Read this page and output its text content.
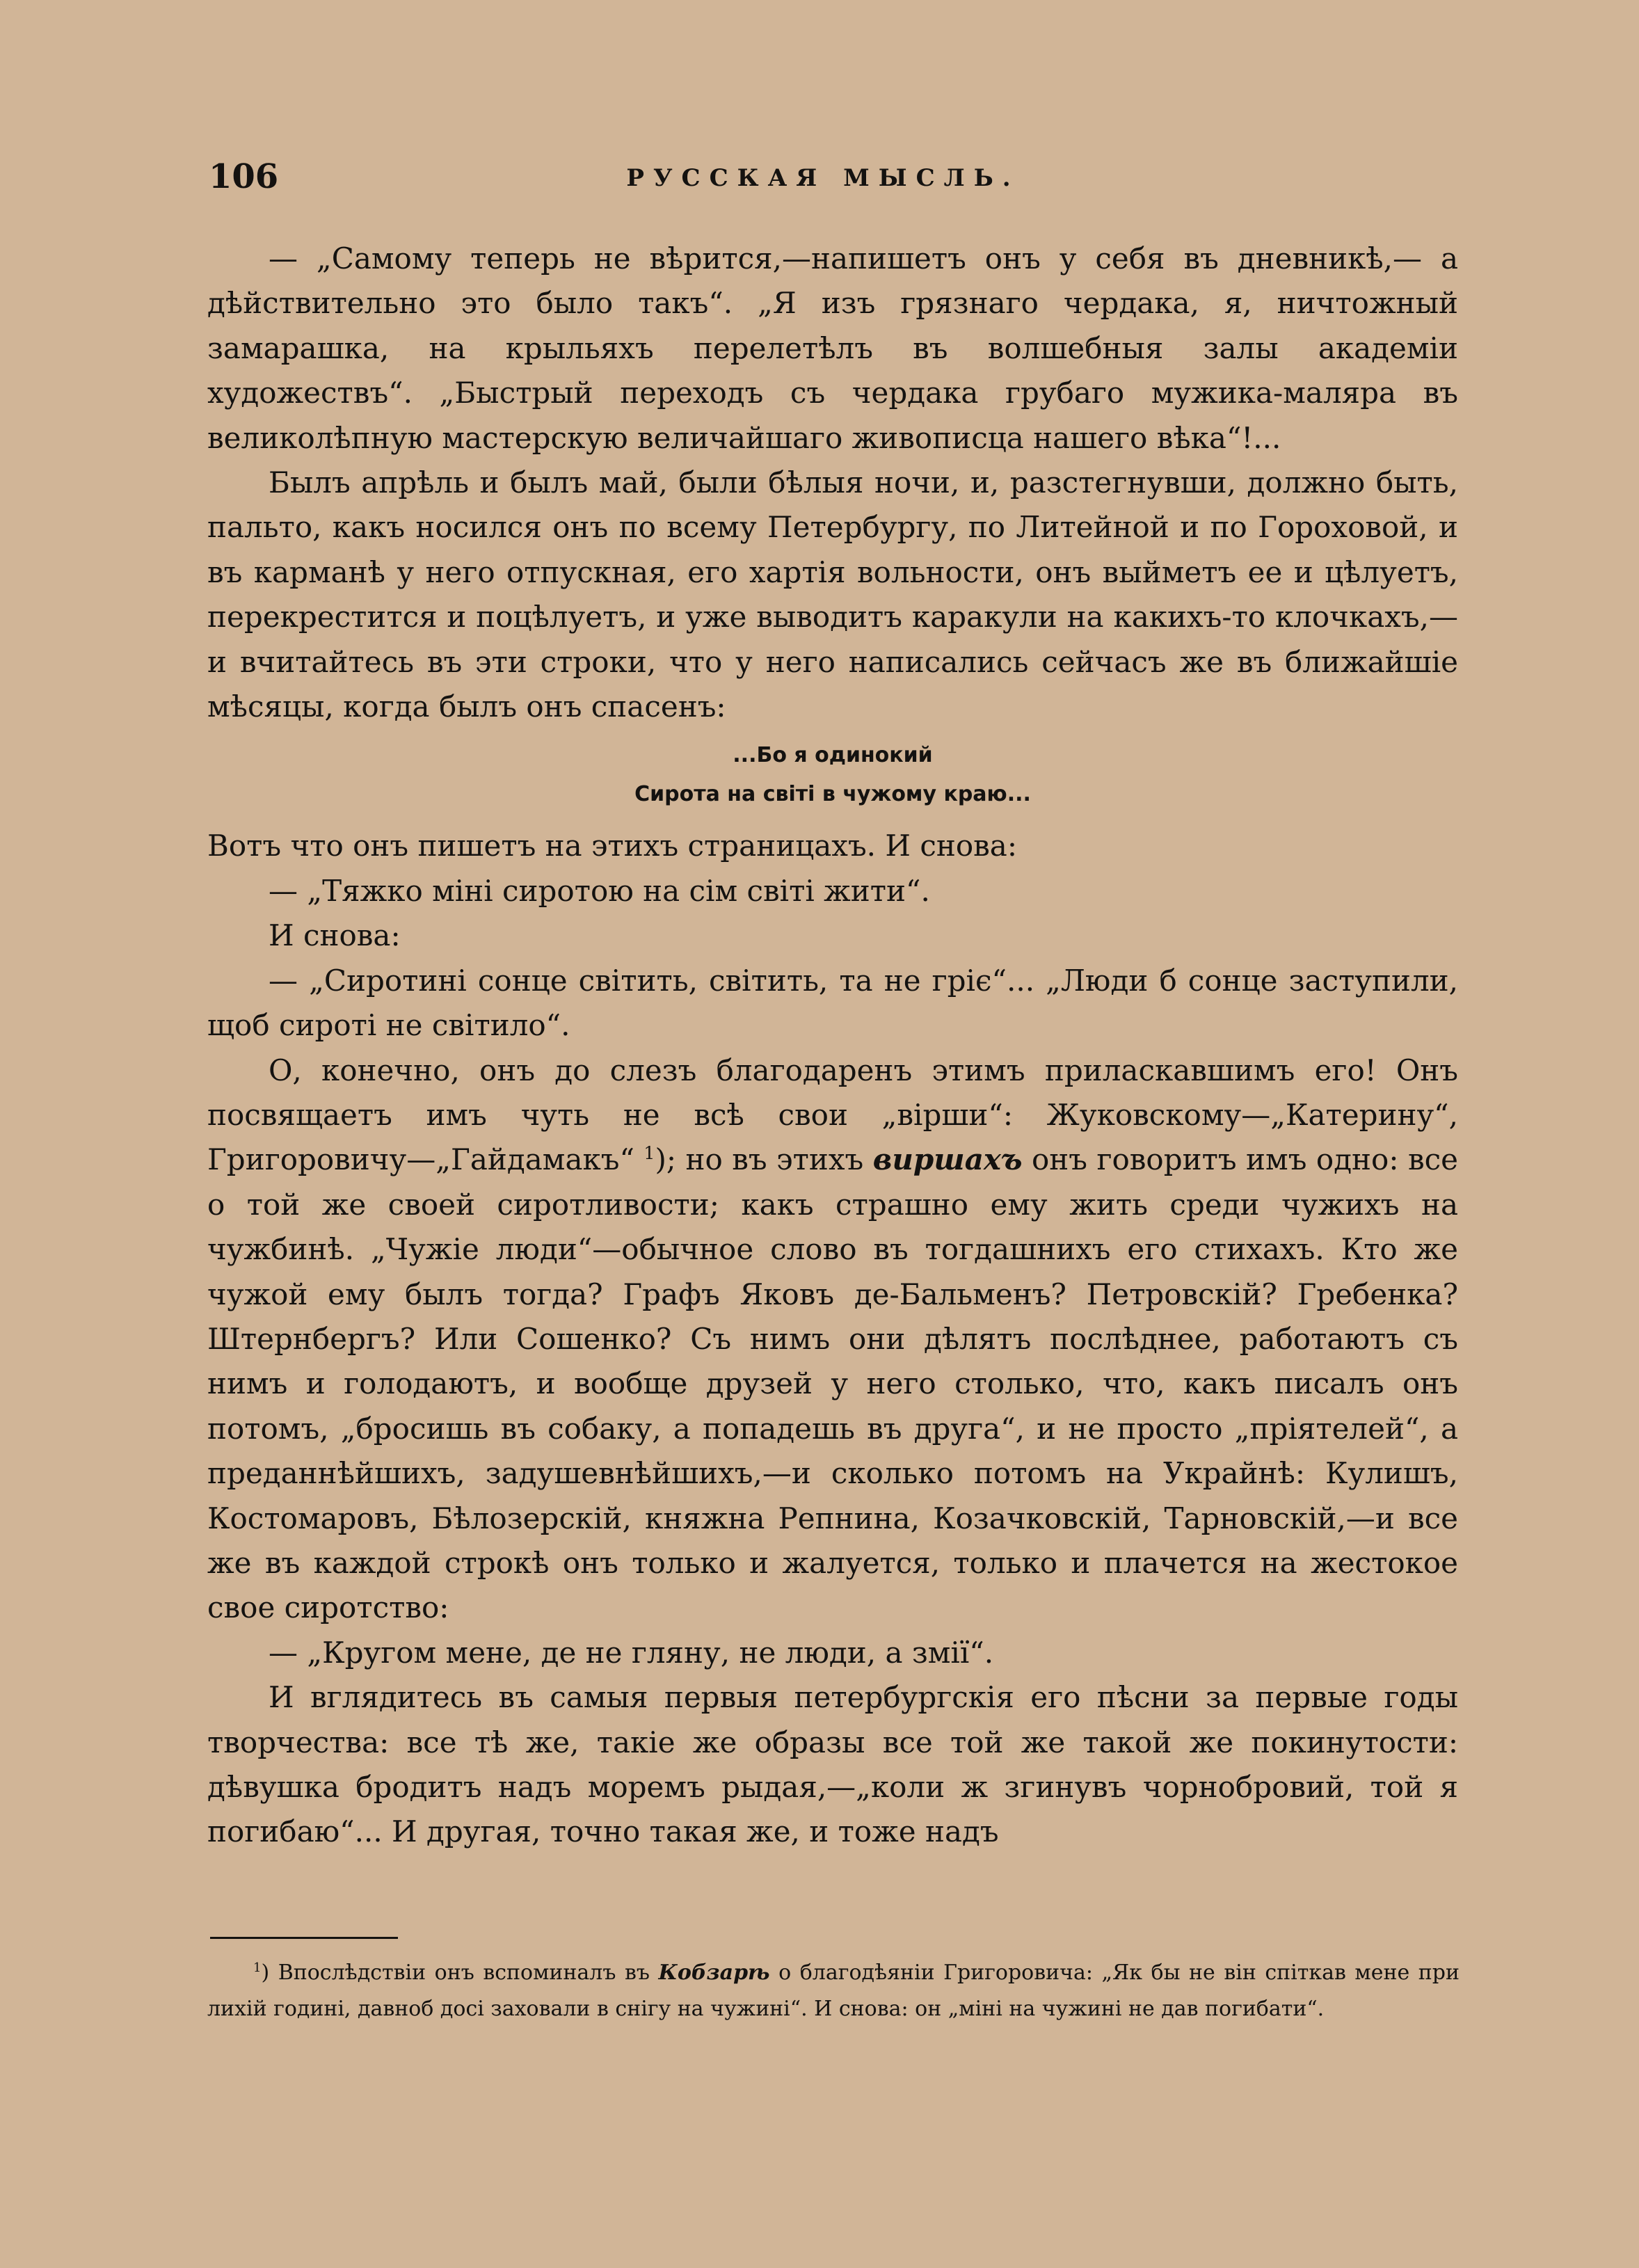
106	РУССКАЯ МЫСЛЬ.

— „Самому теперь не вѣрится,—напишетъ онъ у себя въ дневникѣ,— а дѣйствительно это было такъ“. „Я изъ грязнаго чердака, я, ничтожный замарашка, на крыльяхъ перелетѣлъ въ волшебныя залы академіи художествъ“. „Быстрый переходъ съ чердака грубаго мужика-маляра въ великолѣпную мастерскую величайшаго живописца нашего вѣка“!...

Былъ апрѣль и былъ май, были бѣлыя ночи, и, разстегнувши, должно быть, пальто, какъ носился онъ по всему Петербургу, по Литейной и по Гороховой, и въ карманѣ у него отпускная, его хартія вольности, онъ выйметъ ее и цѣлуетъ, перекрестится и поцѣлуетъ, и уже выводитъ каракули на какихъ-то клочкахъ,—и вчитайтесь въ эти строки, что у него написались сейчасъ же въ ближайшіе мѣсяцы, когда былъ онъ спасенъ:

...Бо я одинокий
Сирота на світі в чужому краю...

Вотъ что онъ пишетъ на этихъ страницахъ. И снова:

— „Тяжко мінi сиротою на сім світі жити“.

И снова:

— „Сиротині сонце світить, світить, та не гріє“... „Люди б сонце заступили, щоб сироті не світило“.

О, конечно, онъ до слезъ благодаренъ этимъ приласкавшимъ его! Онъ посвящаетъ имъ чуть не всѣ свои „вірши“: Жуковскому—„Катерину“, Григоровичу—„Гайдамакъ“ $^1$); но въ этихъ виршахъ онъ говоритъ имъ одно: все о той же своей сиротливости; какъ страшно ему жить среди чужихъ на чужбинѣ. „Чужіе люди“—обычное слово въ тогдашнихъ его стихахъ. Кто же чужой ему былъ тогда? Графъ Яковъ де-Бальменъ? Петровскій? Гребенка? Штернбергъ? Или Сошенко? Съ нимъ они дѣлятъ послѣднее, работаютъ съ нимъ и голодаютъ, и вообще друзей у него столько, что, какъ писалъ онъ потомъ, „бросишь въ собаку, а попадешь въ друга“, и не просто „пріятелей“, а преданнѣйшихъ, задушевнѣйшихъ,—и сколько потомъ на Украйнѣ: Кулишъ, Костомаровъ, Бѣлозерскій, княжна Репнина, Козачковскій, Тарновскій,—и все же въ каждой строкѣ онъ только и жалуется, только и плачется на жестокое свое сиротство:

— „Кругом мене, де не гляну, не люди, а змії“.

И вглядитесь въ самыя первыя петербургскія его пѣсни за первые годы творчества: все тѣ же, такіе же образы все той же такой же покинутости: дѣвушка бродитъ надъ моремъ рыдая,—„коли ж згинувъ чорнобровий, той я погибаю“... И другая, точно такая же, и тоже надъ

$^1$) Впослѣдствіи онъ вспоминалъ въ Кобзарѣ о благодѣяніи Григоровича: „Як бы не він спіткав мене при лихій годині, давноб досі заховали в снігу на чужині“. И снова: он „мінi на чужині не дав погибати“.
